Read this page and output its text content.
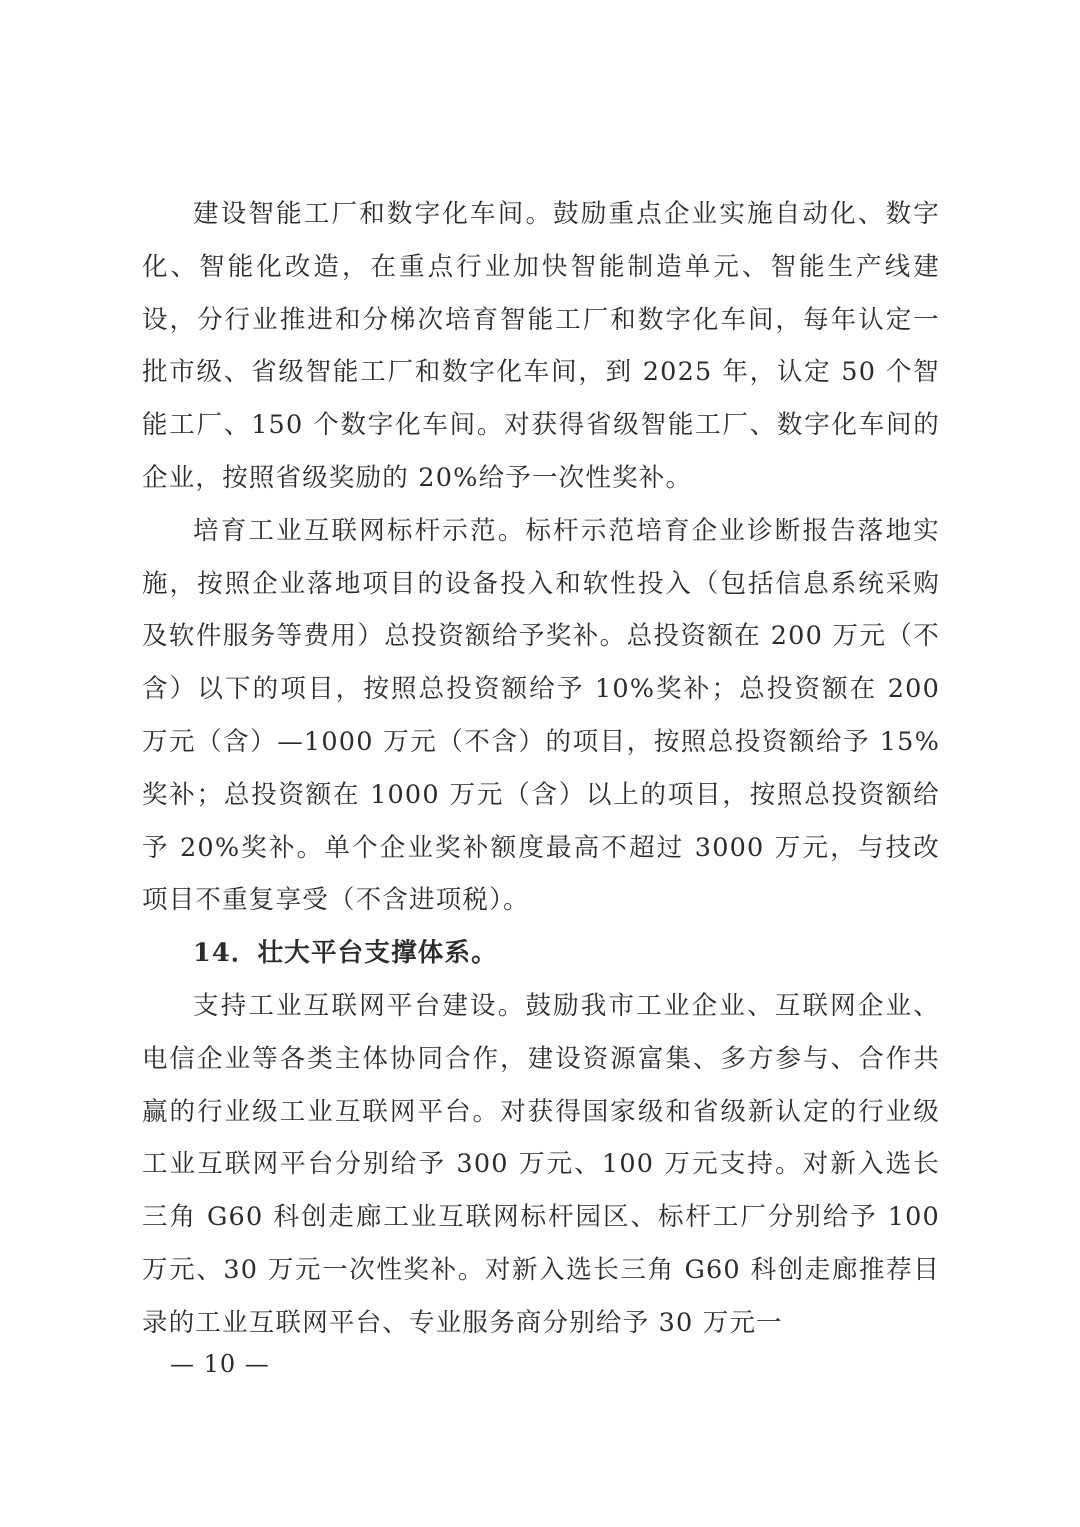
建设智能工厂和数字化车间。鼓励重点企业实施自动化、数字化、智能化改造，在重点行业加快智能制造单元、智能生产线建设，分行业推进和分梯次培育智能工厂和数字化车间，每年认定一批市级、省级智能工厂和数字化车间，到 2025 年，认定 50 个智能工厂、150 个数字化车间。对获得省级智能工厂、数字化车间的企业，按照省级奖励的 20%给予一次性奖补。

培育工业互联网标杆示范。标杆示范培育企业诊断报告落地实施，按照企业落地项目的设备投入和软性投入（包括信息系统采购及软件服务等费用）总投资额给予奖补。总投资额在 200 万元（不含）以下的项目，按照总投资额给予 10%奖补；总投资额在 200 万元（含）—1000 万元（不含）的项目，按照总投资额给予 15%奖补；总投资额在 1000 万元（含）以上的项目，按照总投资额给予 20%奖补。单个企业奖补额度最高不超过 3000 万元，与技改项目不重复享受（不含进项税）。

14．壮大平台支撑体系。

支持工业互联网平台建设。鼓励我市工业企业、互联网企业、电信企业等各类主体协同合作，建设资源富集、多方参与、合作共赢的行业级工业互联网平台。对获得国家级和省级新认定的行业级工业互联网平台分别给予 300 万元、100 万元支持。对新入选长三角 G60 科创走廊工业互联网标杆园区、标杆工厂分别给予 100 万元、30 万元一次性奖补。对新入选长三角 G60 科创走廊推荐目录的工业互联网平台、专业服务商分别给予 30 万元一

— 10 —
